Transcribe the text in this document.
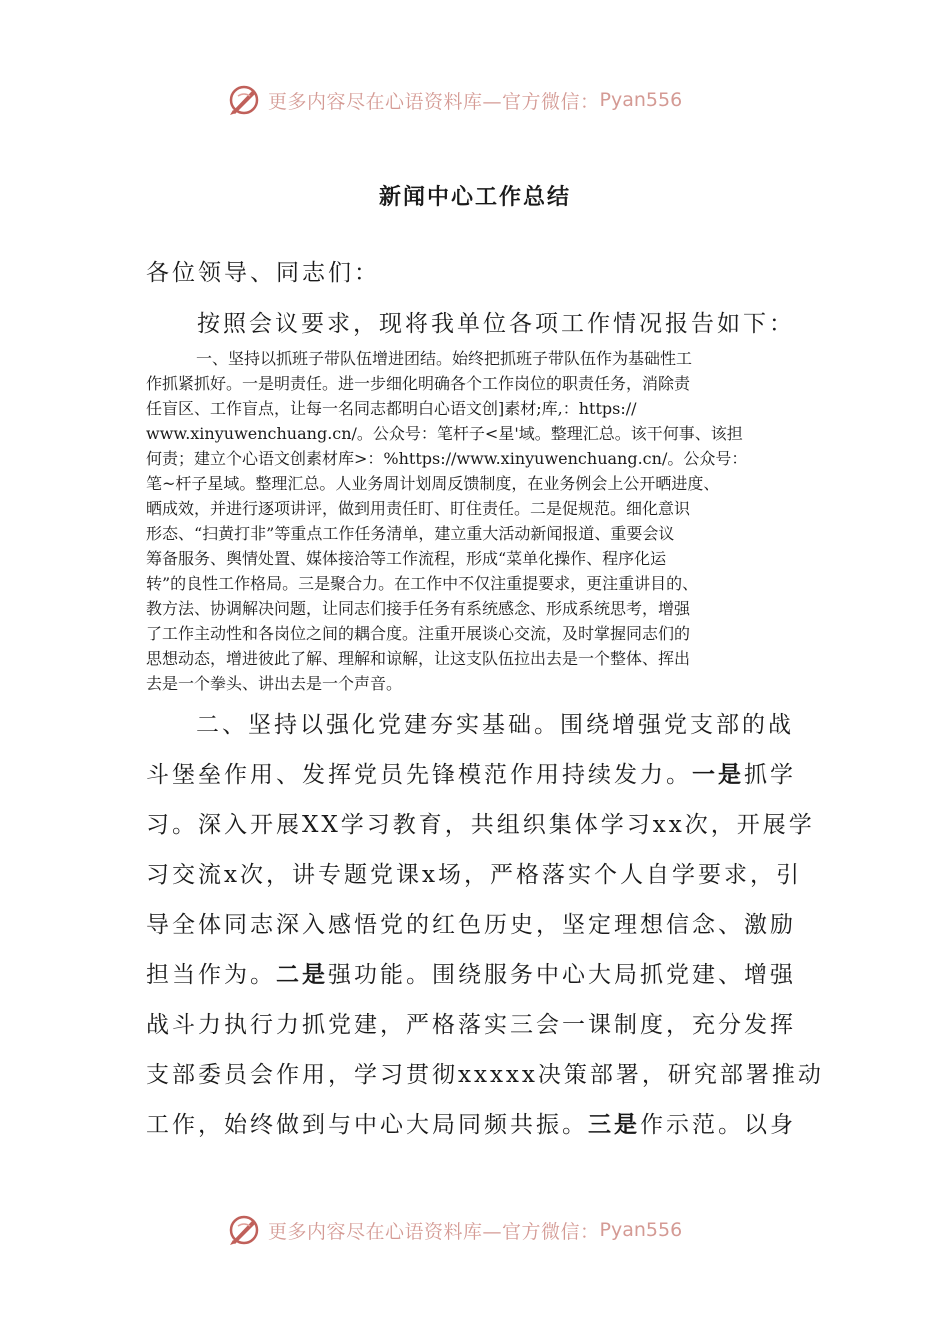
更多内容尽在心语资料库—官方微信： Pyan556
新闻中心工作总结
各位领导、同志们：
按照会议要求，现将我单位各项工作情况报告如下：
一、坚持以抓班子带队伍增进团结。始终把抓班子带队伍作为基础性工
作抓紧抓好。一是明责任。进一步细化明确各个工作岗位的职责任务，消除责
任盲区、工作盲点，让每一名同志都明白心语文创]素材;库,：https://
www.xinyuwenchuang.cn/。公众号：笔杆子<星'域。整理汇总。该干何事、该担
何责；建立个心语文创素材库>：%https://www.xinyuwenchuang.cn/。公众号：
笔~杆子星域。整理汇总。人业务周计划周反馈制度，在业务例会上公开晒进度、
晒成效，并进行逐项讲评，做到用责任盯、盯住责任。二是促规范。细化意识
形态、“扫黄打非”等重点工作任务清单，建立重大活动新闻报道、重要会议
筹备服务、舆情处置、媒体接洽等工作流程，形成“菜单化操作、程序化运
转”的良性工作格局。三是聚合力。在工作中不仅注重提要求，更注重讲目的、
教方法、协调解决问题，让同志们接手任务有系统感念、形成系统思考，增强
了工作主动性和各岗位之间的耦合度。注重开展谈心交流，及时掌握同志们的
思想动态，增进彼此了解、理解和谅解，让这支队伍拉出去是一个整体、挥出
去是一个拳头、讲出去是一个声音。
二、坚持以强化党建夯实基础。围绕增强党支部的战
斗堡垒作用、发挥党员先锋模范作用持续发力。一是抓学
习。深入开展XX学习教育，共组织集体学习xx次，开展学
习交流x次，讲专题党课x场，严格落实个人自学要求，引
导全体同志深入感悟党的红色历史，坚定理想信念、激励
担当作为。二是强功能。围绕服务中心大局抓党建、增强
战斗力执行力抓党建，严格落实三会一课制度，充分发挥
支部委员会作用，学习贯彻xxxxx决策部署，研究部署推动
工作，始终做到与中心大局同频共振。三是作示范。以身
更多内容尽在心语资料库—官方微信： Pyan556
